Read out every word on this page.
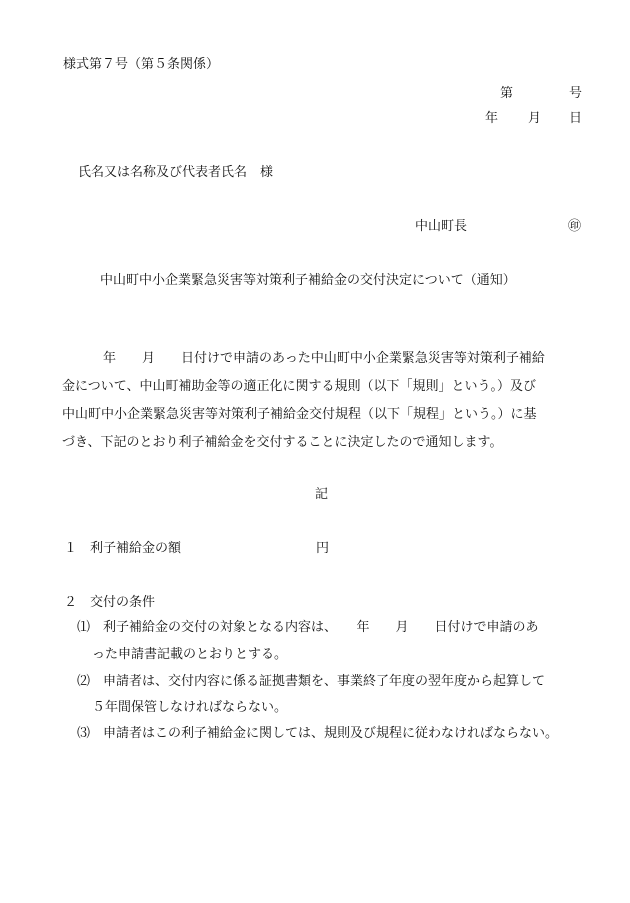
様式第７号（第５条関係）
第	号
年 月 日
氏名又は名称及び代表者氏名　様
中山町長	㊞
中山町中小企業緊急災害等対策利子補給金の交付決定について（通知）
年　　月　　日付けで申請のあった中山町中小企業緊急災害等対策利子補給
金について、中山町補助金等の適正化に関する規則（以下「規則」という。）及び
中山町中小企業緊急災害等対策利子補給金交付規程（以下「規程」という。）に基
づき、下記のとおり利子補給金を交付することに決定したので通知します。
記
１ 利子補給金の額	円
２ 交付の条件
⑴ 利子補給金の交付の対象となる内容は、　　年　　月　　日付けで申請のあ
った申請書記載のとおりとする。
⑵ 申請者は、交付内容に係る証拠書類を、事業終了年度の翌年度から起算して
５年間保管しなければならない。
⑶ 申請者はこの利子補給金に関しては、規則及び規程に従わなければならない。
